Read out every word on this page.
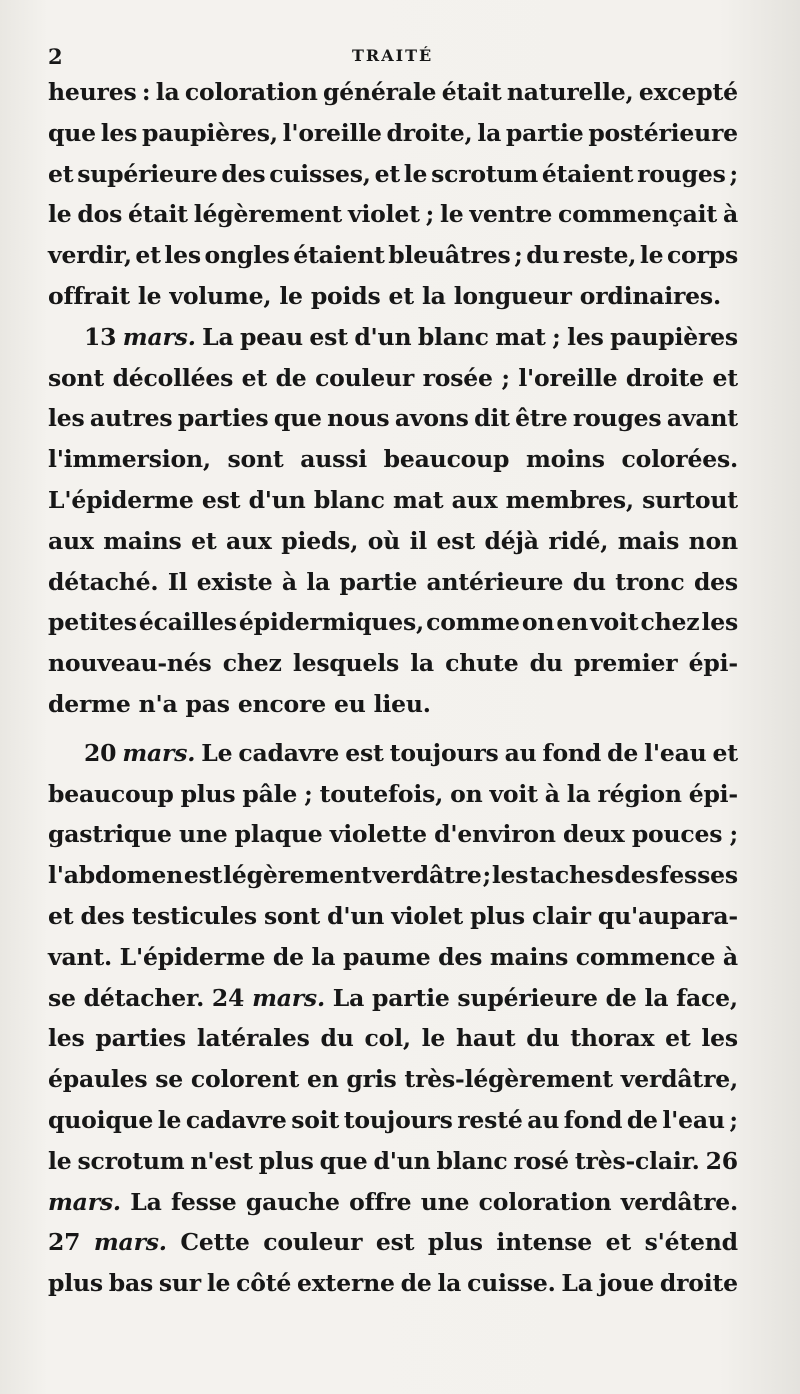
2	TRAITÉ
heures : la coloration générale était naturelle, excepté
que les paupières, l'oreille droite, la partie postérieure
et supérieure des cuisses, et le scrotum étaient rouges ;
le dos était légèrement violet ; le ventre commençait à
verdir, et les ongles étaient bleuâtres ; du reste, le corps
offrait le volume, le poids et la longueur ordinaires.
13 mars. La peau est d'un blanc mat ; les paupières
sont décollées et de couleur rosée ; l'oreille droite et
les autres parties que nous avons dit être rouges avant
l'immersion, sont aussi beaucoup moins colorées.
L'épiderme est d'un blanc mat aux membres, surtout
aux mains et aux pieds, où il est déjà ridé, mais non
détaché. Il existe à la partie antérieure du tronc des
petites écailles épidermiques, comme on en voit chez les
nouveau-nés chez lesquels la chute du premier épi-
derme n'a pas encore eu lieu.
20 mars. Le cadavre est toujours au fond de l'eau et
beaucoup plus pâle ; toutefois, on voit à la région épi-
gastrique une plaque violette d'environ deux pouces ;
l'abdomen est légèrement verdâtre ; les taches des fesses
et des testicules sont d'un violet plus clair qu'aupara-
vant. L'épiderme de la paume des mains commence à
se détacher. 24 mars. La partie supérieure de la face,
les parties latérales du col, le haut du thorax et les
épaules se colorent en gris très-légèrement verdâtre,
quoique le cadavre soit toujours resté au fond de l'eau ;
le scrotum n'est plus que d'un blanc rosé très-clair. 26
mars. La fesse gauche offre une coloration verdâtre.
27 mars. Cette couleur est plus intense et s'étend
plus bas sur le côté externe de la cuisse. La joue droite
